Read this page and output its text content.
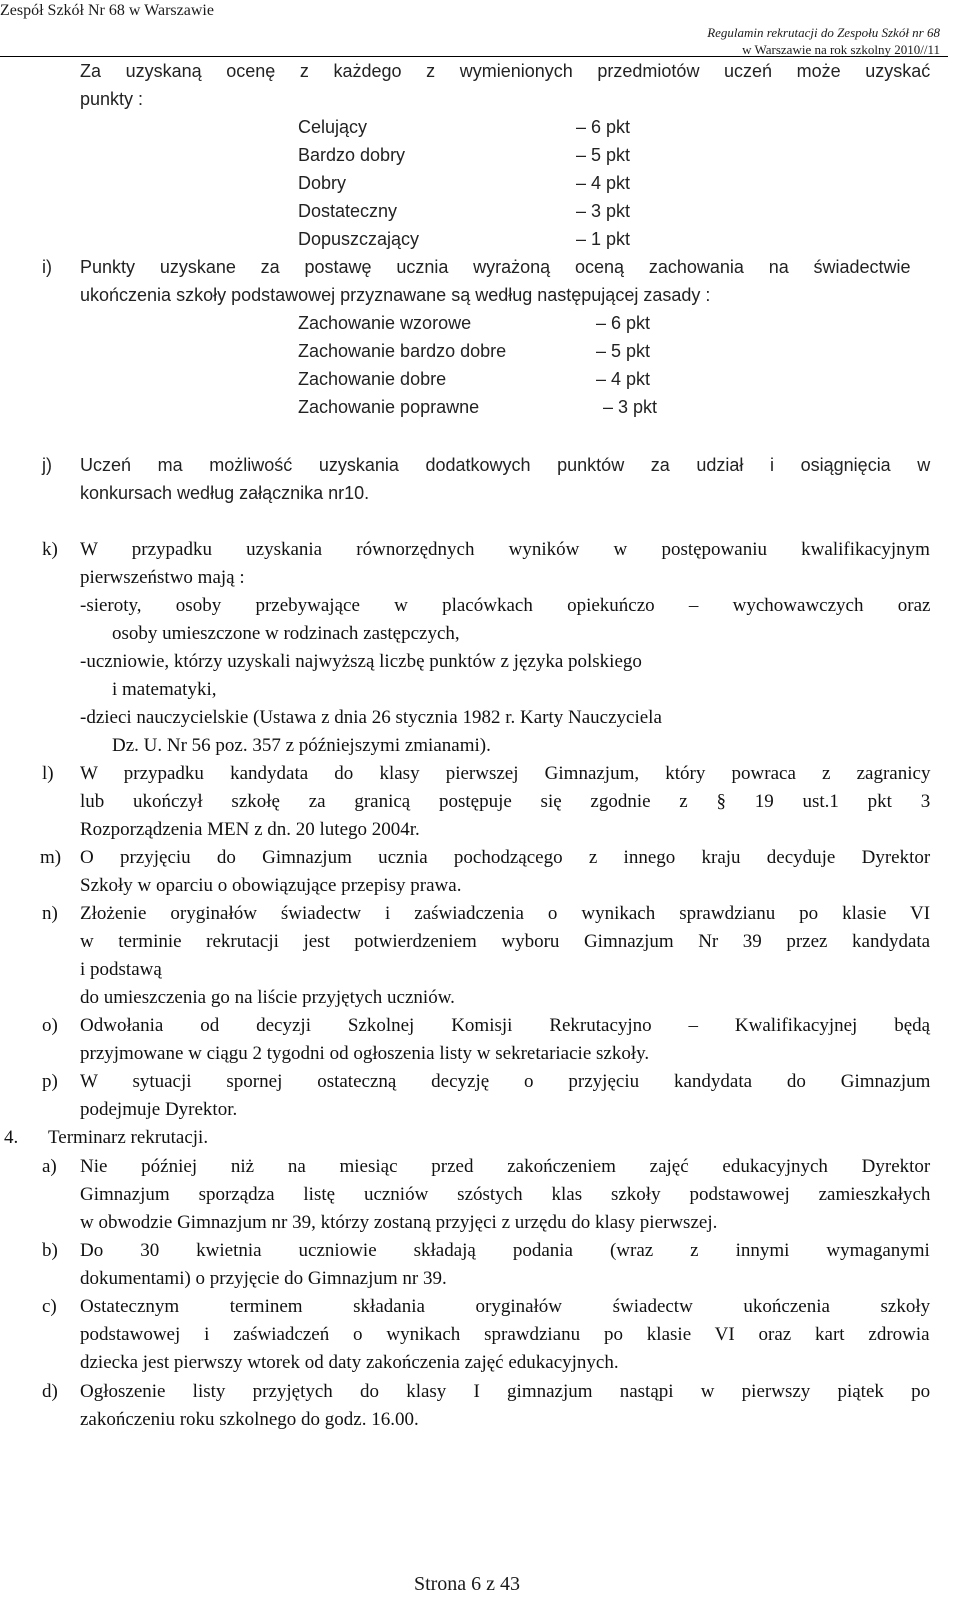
Zespół Szkół Nr 68 w Warszawie
Regulamin rekrutacji do Zespołu Szkół nr 68
w Warszawie na rok szkolny 2010//11
Za uzyskaną ocenę z każdego z wymienionych przedmiotów uczeń może uzyskać
punkty :
Celujący	– 6 pkt
Bardzo dobry	– 5 pkt
Dobry	– 4 pkt
Dostateczny	– 3 pkt
Dopuszczający	– 1 pkt
i) Punkty uzyskane za postawę ucznia wyrażoną oceną zachowania na świadectwie
ukończenia szkoły podstawowej przyznawane są według następującej zasady :
Zachowanie wzorowe	– 6 pkt
Zachowanie bardzo dobre	– 5 pkt
Zachowanie dobre	– 4 pkt
Zachowanie poprawne	– 3 pkt
j) Uczeń ma możliwość uzyskania dodatkowych punktów za udział i osiągnięcia w
konkursach według załącznika nr10.
k) W przypadku uzyskania równorzędnych wyników w postępowaniu kwalifikacyjnym
pierwszeństwo mają :
-sieroty, osoby przebywające w placówkach opiekuńczo – wychowawczych oraz
osoby umieszczone w rodzinach zastępczych,
-uczniowie, którzy uzyskali najwyższą liczbę punktów z języka polskiego
i matematyki,
-dzieci nauczycielskie (Ustawa z dnia 26 stycznia 1982 r. Karty Nauczyciela
Dz. U. Nr 56 poz. 357 z późniejszymi zmianami).
l) W przypadku kandydata do klasy pierwszej Gimnazjum, który powraca z zagranicy
lub ukończył szkołę za granicą postępuje się zgodnie z § 19 ust.1 pkt 3
Rozporządzenia MEN z dn. 20 lutego 2004r.
m) O przyjęciu do Gimnazjum ucznia pochodzącego z innego kraju decyduje Dyrektor
Szkoły w oparciu o obowiązujące przepisy prawa.
n) Złożenie oryginałów świadectw i zaświadczenia o wynikach sprawdzianu po klasie VI
w terminie rekrutacji jest potwierdzeniem wyboru Gimnazjum Nr 39 przez kandydata
i podstawą
do umieszczenia go na liście przyjętych uczniów.
o) Odwołania od decyzji Szkolnej Komisji Rekrutacyjno – Kwalifikacyjnej będą
przyjmowane w ciągu 2 tygodni od ogłoszenia listy w sekretariacie szkoły.
p) W sytuacji spornej ostateczną decyzję o przyjęciu kandydata do Gimnazjum
podejmuje Dyrektor.
4. Terminarz rekrutacji.
a) Nie później niż na miesiąc przed zakończeniem zajęć edukacyjnych Dyrektor
Gimnazjum sporządza listę uczniów szóstych klas szkoły podstawowej zamieszkałych
w obwodzie Gimnazjum nr 39, którzy zostaną przyjęci z urzędu do klasy pierwszej.
b) Do 30 kwietnia uczniowie składają podania (wraz z innymi wymaganymi
dokumentami) o przyjęcie do Gimnazjum nr 39.
c) Ostatecznym terminem składania oryginałów świadectw ukończenia szkoły
podstawowej i zaświadczeń o wynikach sprawdzianu po klasie VI oraz kart zdrowia
dziecka jest pierwszy wtorek od daty zakończenia zajęć edukacyjnych.
d) Ogłoszenie listy przyjętych do klasy I gimnazjum nastąpi w pierwszy piątek po
zakończeniu roku szkolnego do godz. 16.00.
Strona 6 z 43
